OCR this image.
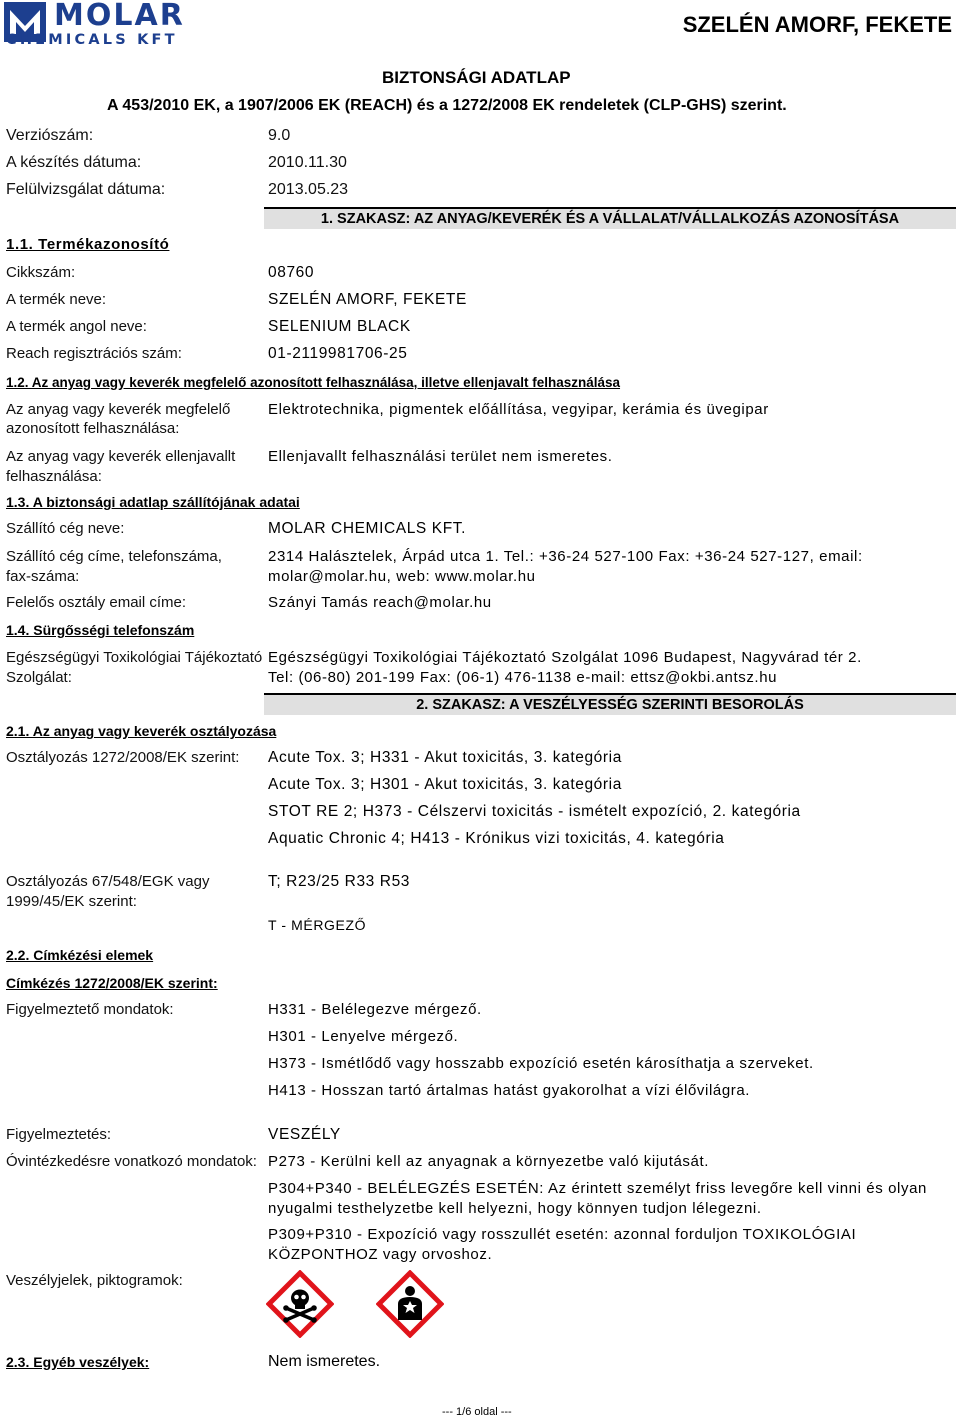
MOLAR
CHEMICALS KFT
SZELÉN AMORF, FEKETE
BIZTONSÁGI ADATLAP
A 453/2010 EK, a 1907/2006 EK (REACH) és a 1272/2008 EK rendeletek (CLP-GHS) szerint.
Verziószám:	9.0
A készítés dátuma:	2010.11.30
Felülvizsgálat dátuma:	2013.05.23
1. SZAKASZ: AZ ANYAG/KEVERÉK ÉS A VÁLLALAT/VÁLLALKOZÁS AZONOSÍTÁSA
1.1. Termékazonosító
Cikkszám:	08760
A termék neve:	SZELÉN AMORF, FEKETE
A termék angol neve:	SELENIUM BLACK
Reach regisztrációs szám:	01-2119981706-25
1.2. Az anyag vagy keverék megfelelő azonosított felhasználása, illetve ellenjavalt felhasználása
Az anyag vagy keverék megfelelő
azonosított felhasználása:
Elektrotechnika, pigmentek előállítása, vegyipar, kerámia és üvegipar
Az anyag vagy keverék ellenjavallt
felhasználása:
Ellenjavallt felhasználási terület nem ismeretes.
1.3. A biztonsági adatlap szállítójának adatai
Szállító cég neve:	MOLAR CHEMICALS KFT.
Szállító cég címe, telefonszáma,
fax-száma:
2314 Halásztelek, Árpád utca 1. Tel.: +36-24 527-100 Fax: +36-24 527-127, email:
molar@molar.hu, web: www.molar.hu
Felelős osztály email címe:	Szányi Tamás reach@molar.hu
1.4. Sürgősségi telefonszám
Egészségügyi Toxikológiai Tájékoztató
Szolgálat:
Egészségügyi Toxikológiai Tájékoztató Szolgálat 1096 Budapest, Nagyvárad tér 2.
Tel: (06-80) 201-199 Fax: (06-1) 476-1138 e-mail: ettsz@okbi.antsz.hu
2. SZAKASZ: A VESZÉLYESSÉG SZERINTI BESOROLÁS
2.1. Az anyag vagy keverék osztályozása
Osztályozás 1272/2008/EK szerint: Acute Tox. 3; H331 - Akut toxicitás, 3. kategória
Acute Tox. 3; H301 - Akut toxicitás, 3. kategória
STOT RE 2; H373 - Célszervi toxicitás - ismételt expozíció, 2. kategória
Aquatic Chronic 4; H413 - Krónikus vizi toxicitás, 4. kategória
Osztályozás 67/548/EGK vagy
1999/45/EK szerint:
T; R23/25 R33 R53
T - MÉRGEZŐ
2.2. Címkézési elemek
Címkézés 1272/2008/EK szerint:
Figyelmeztető mondatok:	H331 - Belélegezve mérgező.
H301 - Lenyelve mérgező.
H373 - Ismétlődő vagy hosszabb expozíció esetén károsíthatja a szerveket.
H413 - Hosszan tartó ártalmas hatást gyakorolhat a vízi élővilágra.
Figyelmeztetés:	VESZÉLY
Óvintézkedésre vonatkozó mondatok: P273 - Kerülni kell az anyagnak a környezetbe való kijutását.
P304+P340 - BELÉLEGZÉS ESETÉN: Az érintett személyt friss levegőre kell vinni és olyan
nyugalmi testhelyzetbe kell helyezni, hogy könnyen tudjon lélegezni.
P309+P310 - Expozíció vagy rosszullét esetén: azonnal forduljon TOXIKOLÓGIAI
KÖZPONTHOZ vagy orvoshoz.
Veszélyjelek, piktogramok:
2.3. Egyéb veszélyek:	Nem ismeretes.
--- 1/6 oldal ---
